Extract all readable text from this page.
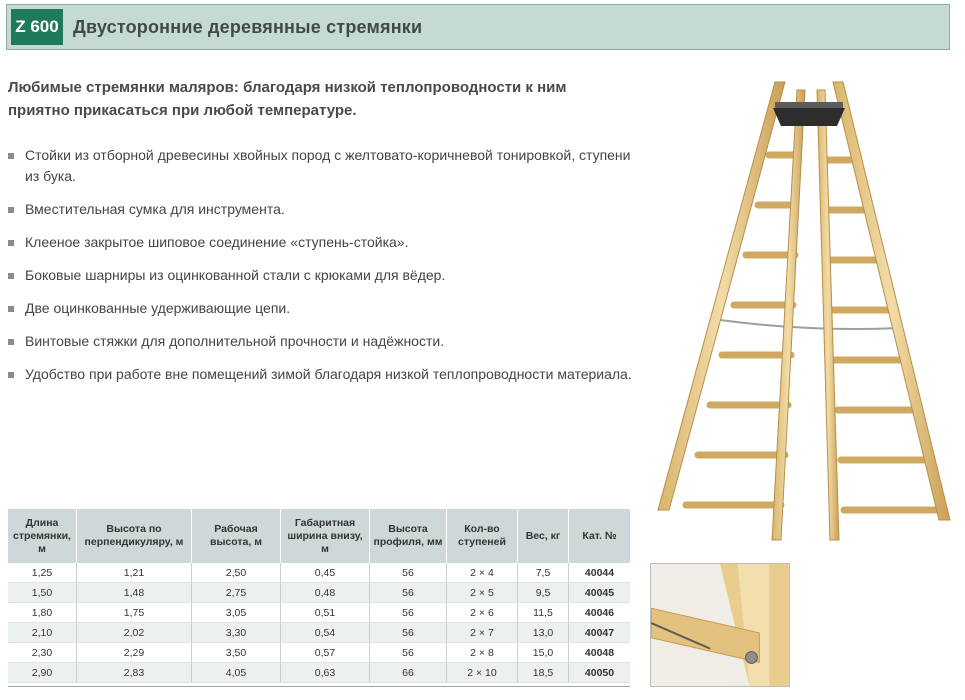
Z 600 Двусторонние деревянные стремянки
Любимые стремянки маляров: благодаря низкой теплопроводности к ним приятно прикасаться при любой температуре.
Стойки из отборной древесины хвойных пород с желтовато-коричневой тонировкой, ступени из бука.
Вместительная сумка для инструмента.
Клееное закрытое шиповое соединение «ступень-стойка».
Боковые шарниры из оцинкованной стали с крюками для вёдер.
Две оцинкованные удерживающие цепи.
Винтовые стяжки для дополнительной прочности и надёжности.
Удобство при работе вне помещений зимой благодаря низкой теплопроводности материала.
Длина стремянки, м	Высота по перпендикуляру, м	Рабочая высота, м	Габаритная ширина внизу, м	Высота профиля, мм	Кол-во ступеней	Вес, кг	Кат. №
1,25	1,21	2,50	0,45	56	2 × 4	7,5	40044
1,50	1,48	2,75	0,48	56	2 × 5	9,5	40045
1,80	1,75	3,05	0,51	56	2 × 6	11,5	40046
2,10	2,02	3,30	0,54	56	2 × 7	13,0	40047
2,30	2,29	3,50	0,57	56	2 × 8	15,0	40048
2,90	2,83	4,05	0,63	66	2 × 10	18,5	40050
